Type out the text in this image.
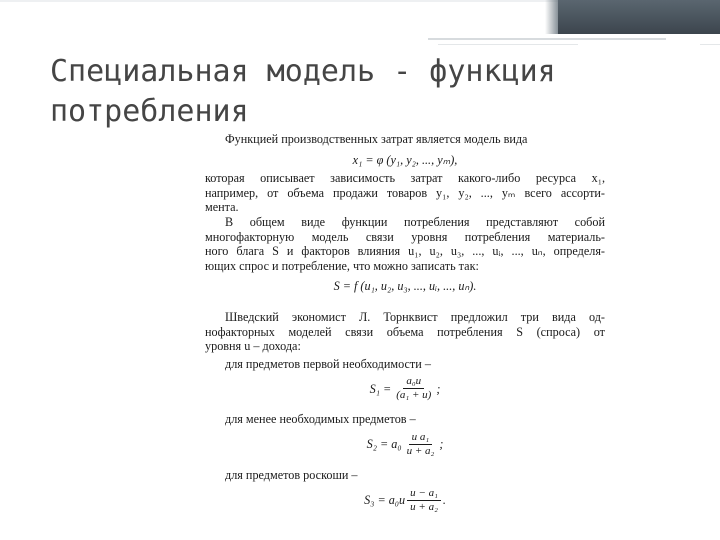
Специальная модель - функция
потребления

Функцией производственных затрат является модель вида

x₁ = φ (y₁, y₂, ..., yₘ),

которая описывает зависимость затрат какого-либо ресурса x₁,

например, от объема продажи товаров y₁, y₂, ..., yₘ всего ассорти-

мента.

В общем виде функции потребления представляют собой

многофакторную модель связи уровня потребления материаль-

ного блага S и факторов влияния u₁, u₂, u₃, ..., uᵢ, ..., uₙ, определя-

ющих спрос и потребление, что можно записать так:

S = f (u₁, u₂, u₃, ..., uᵢ, ..., uₙ).

Шведский экономист Л. Торнквист предложил три вида од-

нофакторных моделей связи объема потребления S (спроса) от

уровня u – дохода:

для предметов первой необходимости –

$S_1 = \frac{\text{a₀u}}{\text{(a₁ + u)}}$ ;

для менее необходимых предметов –

$S_2 = a_0 \frac{\text{u a₁}}{\text{u + a₂}}$ ;

для предметов роскоши –

$S_3 = a_0u \frac{\text{u − a₁}}{\text{u + a₂}}$ .
